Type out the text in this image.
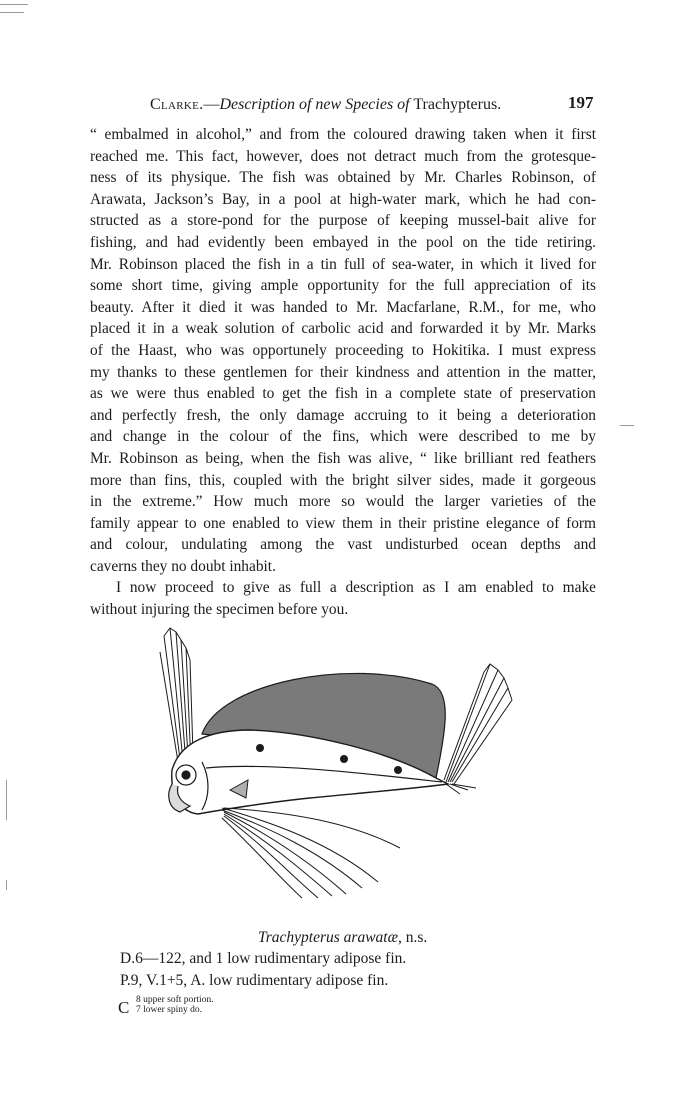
Clarke.—Description of new Species of Trachypterus.	197
“ embalmed in alcohol,” and from the coloured drawing taken when it first
reached me. This fact, however, does not detract much from the grotesque-
ness of its physique. The fish was obtained by Mr. Charles Robinson, of
Arawata, Jackson’s Bay, in a pool at high-water mark, which he had con-
structed as a store-pond for the purpose of keeping mussel-bait alive for
fishing, and had evidently been embayed in the pool on the tide retiring.
Mr. Robinson placed the fish in a tin full of sea-water, in which it lived for
some short time, giving ample opportunity for the full appreciation of its
beauty. After it died it was handed to Mr. Macfarlane, R.M., for me, who
placed it in a weak solution of carbolic acid and forwarded it by Mr. Marks
of the Haast, who was opportunely proceeding to Hokitika. I must express
my thanks to these gentlemen for their kindness and attention in the matter,
as we were thus enabled to get the fish in a complete state of preservation
and perfectly fresh, the only damage accruing to it being a deterioration
and change in the colour of the fins, which were described to me by
Mr. Robinson as being, when the fish was alive, “ like brilliant red feathers
more than fins, this, coupled with the bright silver sides, made it gorgeous
in the extreme.” How much more so would the larger varieties of the
family appear to one enabled to view them in their pristine elegance of form
and colour, undulating among the vast undisturbed ocean depths and
caverns they no doubt inhabit.
I now proceed to give as full a description as I am enabled to make
without injuring the specimen before you.
Trachypterus arawatæ, n.s.
D.6—122, and 1 low rudimentary adipose fin.
P.9, V.1+5, A. low rudimentary adipose fin.
C 8 upper soft portion.
7 lower spiny do.
